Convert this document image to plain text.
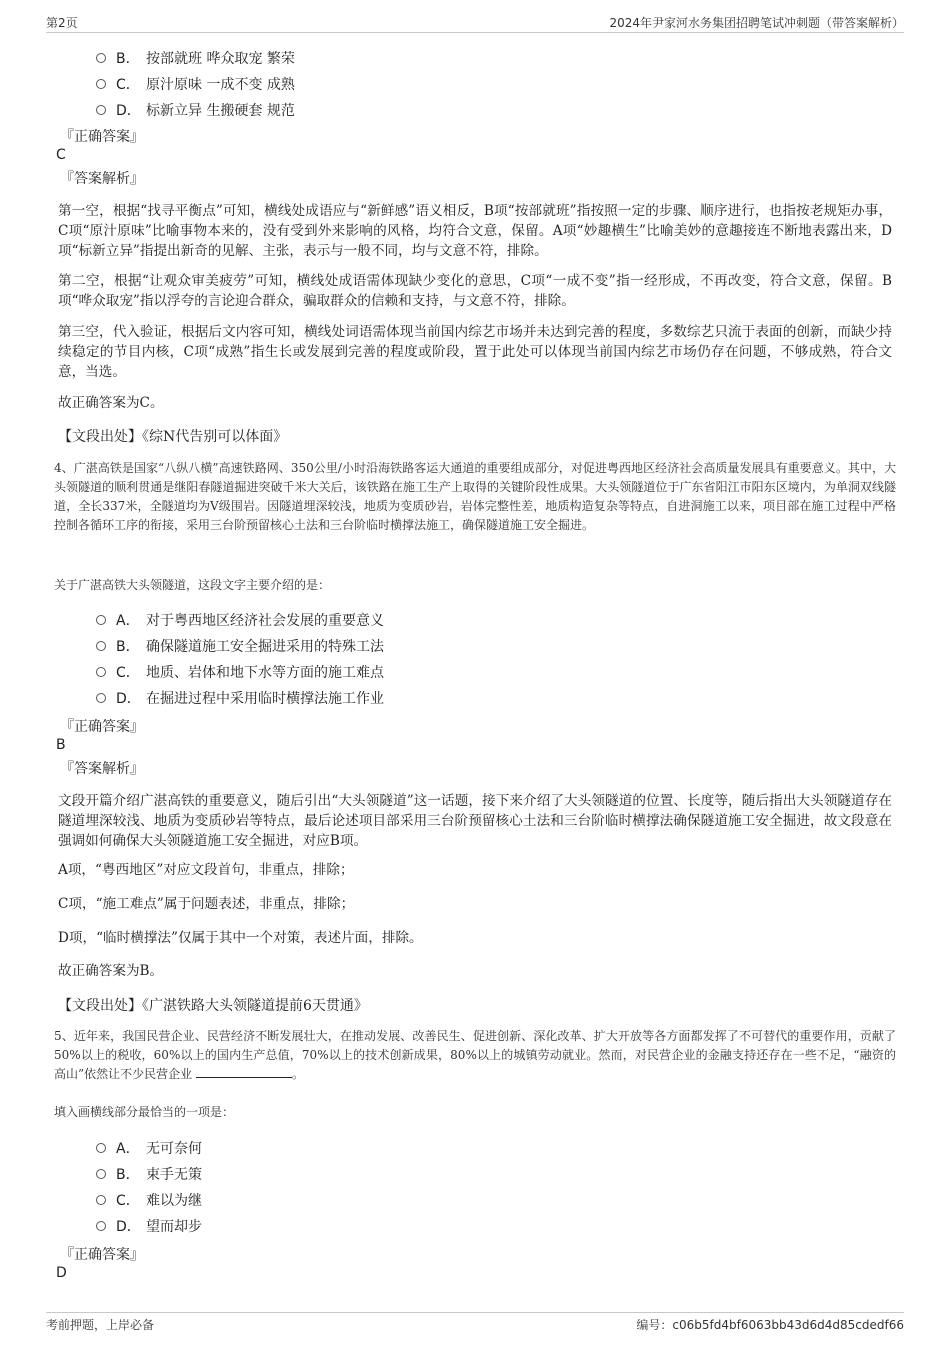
第2页	2024年尹家河水务集团招聘笔试冲刺题（带答案解析）
B． 按部就班 哗众取宠 繁荣
C． 原汁原味 一成不变 成熟
D． 标新立异 生搬硬套 规范
『正确答案』
C
『答案解析』
第一空，根据“找寻平衡点”可知，横线处成语应与“新鲜感”语义相反，B项“按部就班”指按照一定的步骤、顺序进行，也指按老规矩办事，C项“原汁原味”比喻事物本来的，没有受到外来影响的风格，均符合文意，保留。A项“妙趣横生”比喻美妙的意趣接连不断地表露出来，D项“标新立异”指提出新奇的见解、主张，表示与一般不同，均与文意不符，排除。
第二空，根据“让观众审美疲劳”可知，横线处成语需体现缺少变化的意思，C项“一成不变”指一经形成，不再改变，符合文意，保留。B项“哗众取宠”指以浮夸的言论迎合群众，骗取群众的信赖和支持，与文意不符，排除。
第三空，代入验证，根据后文内容可知，横线处词语需体现当前国内综艺市场并未达到完善的程度，多数综艺只流于表面的创新，而缺少持续稳定的节目内核，C项“成熟”指生长或发展到完善的程度或阶段，置于此处可以体现当前国内综艺市场仍存在问题，不够成熟，符合文意，当选。
故正确答案为C。
【文段出处】《综N代告别可以体面》
4、广湛高铁是国家“八纵八横”高速铁路网、350公里/小时沿海铁路客运大通道的重要组成部分，对促进粤西地区经济社会高质量发展具有重要意义。其中，大头领隧道的顺利贯通是继阳春隧道掘进突破千米大关后，该铁路在施工生产上取得的关键阶段性成果。大头领隧道位于广东省阳江市阳东区境内，为单洞双线隧道，全长337米，全隧道均为V级围岩。因隧道埋深较浅，地质为变质砂岩，岩体完整性差，地质构造复杂等特点，自进洞施工以来，项目部在施工过程中严格控制各循环工序的衔接，采用三台阶预留核心土法和三台阶临时横撑法施工，确保隧道施工安全掘进。
关于广湛高铁大头领隧道，这段文字主要介绍的是：
A． 对于粤西地区经济社会发展的重要意义
B． 确保隧道施工安全掘进采用的特殊工法
C． 地质、岩体和地下水等方面的施工难点
D． 在掘进过程中采用临时横撑法施工作业
『正确答案』
B
『答案解析』
文段开篇介绍广湛高铁的重要意义，随后引出“大头领隧道”这一话题，接下来介绍了大头领隧道的位置、长度等，随后指出大头领隧道存在隧道埋深较浅、地质为变质砂岩等特点，最后论述项目部采用三台阶预留核心土法和三台阶临时横撑法确保隧道施工安全掘进，故文段意在强调如何确保大头领隧道施工安全掘进，对应B项。
A项，“粤西地区”对应文段首句，非重点，排除；
C项，“施工难点”属于问题表述，非重点，排除；
D项，“临时横撑法”仅属于其中一个对策，表述片面，排除。
故正确答案为B。
【文段出处】《广湛铁路大头领隧道提前6天贯通》
5、近年来，我国民营企业、民营经济不断发展壮大，在推动发展、改善民生、促进创新、深化改革、扩大开放等各方面都发挥了不可替代的重要作用，贡献了50%以上的税收，60%以上的国内生产总值，70%以上的技术创新成果，80%以上的城镇劳动就业。然而，对民营企业的金融支持还存在一些不足，“融资的高山”依然让不少民营企业	。
填入画横线部分最恰当的一项是：
A． 无可奈何
B． 束手无策
C． 难以为继
D． 望而却步
『正确答案』
D
考前押题，上岸必备	编号：c06b5fd4bf6063bb43d6d4d85cdedf66
